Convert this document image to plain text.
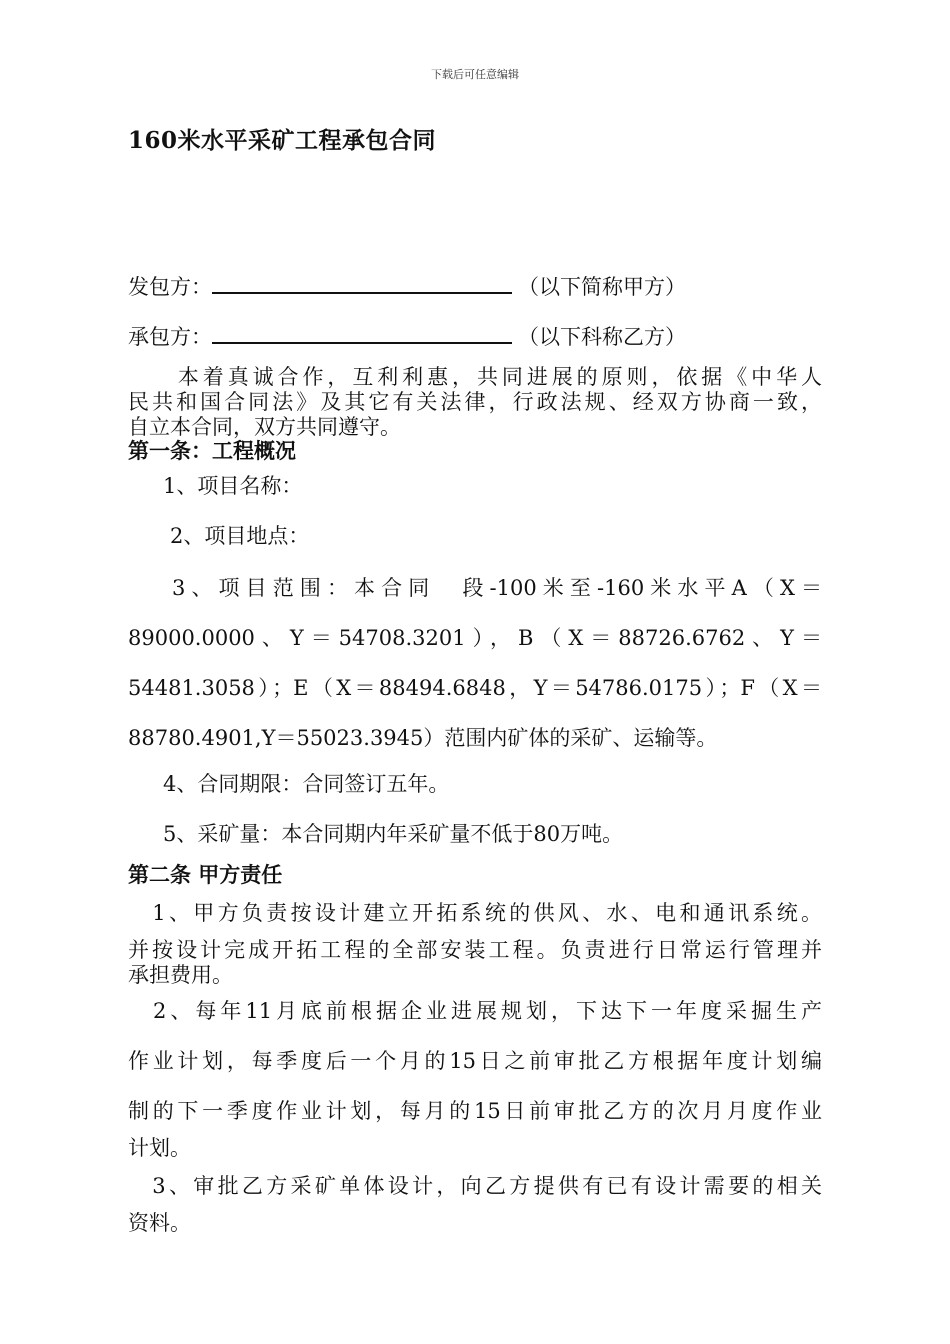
下载后可任意编辑
160米水平采矿工程承包合同
发包方：	（以下简称甲方）
承包方：	（以下科称乙方）
　　本着真诚合作，互利利惠，共同进展的原则，依据《中华人
民共和国合同法》及其它有关法律，行政法规、经双方协商一致，
自立本合同，双方共同遵守。
第一条：工程概况
1、项目名称：
2、项目地点：
3、项目范围：本合同　段-100米至-160米水平A（X＝
89000.0000、Y＝54708.3201），B（X＝88726.6762、Y＝
54481.3058）；E（X＝88494.6848，Y＝54786.0175）；F（X＝
88780.4901,Y＝55023.3945）范围内矿体的采矿、运输等。
4、合同期限：合同签订五年。
5、采矿量：本合同期内年采矿量不低于80万吨。
第二条 甲方责任
　1、甲方负责按设计建立开拓系统的供风、水、电和通讯系统。
并按设计完成开拓工程的全部安装工程。负责进行日常运行管理并
承担费用。
　2、每年11月底前根据企业进展规划，下达下一年度采掘生产
作业计划，每季度后一个月的15日之前审批乙方根据年度计划编
制的下一季度作业计划，每月的15日前审批乙方的次月月度作业
计划。
　3、审批乙方采矿单体设计，向乙方提供有已有设计需要的相关
资料。
